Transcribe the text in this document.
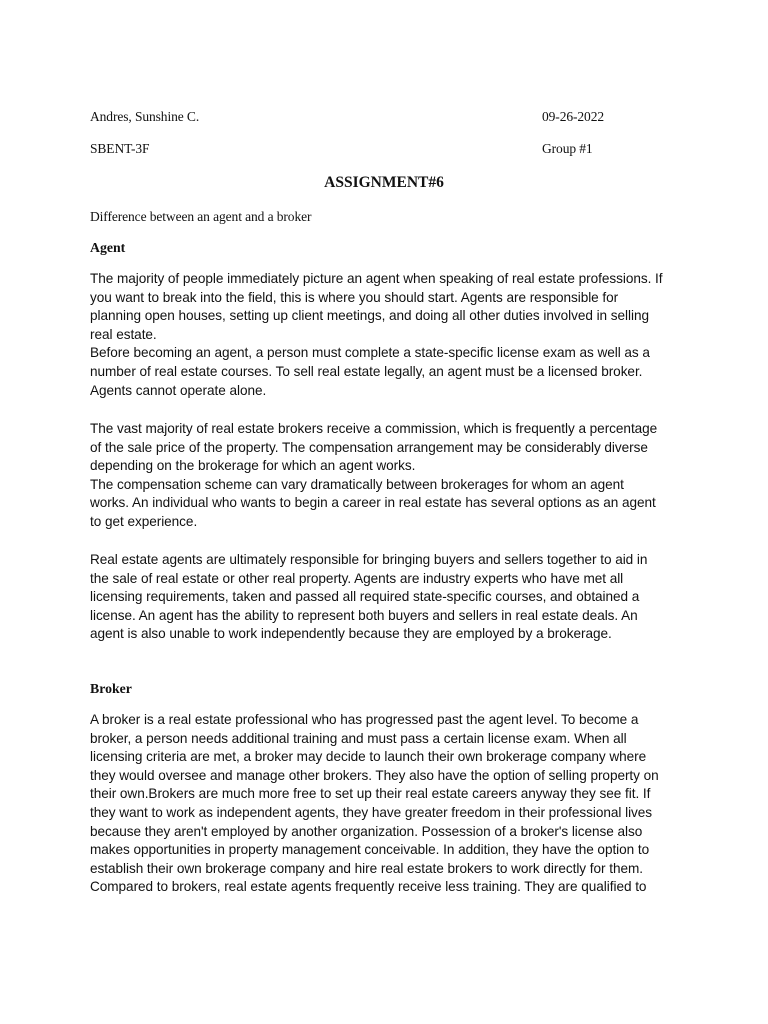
Andres, Sunshine C.	09-26-2022
SBENT-3F	Group #1
ASSIGNMENT#6
Difference between an agent and a broker
Agent
The majority of people immediately picture an agent when speaking of real estate professions. If
you want to break into the field, this is where you should start. Agents are responsible for
planning open houses, setting up client meetings, and doing all other duties involved in selling
real estate.
Before becoming an agent, a person must complete a state-specific license exam as well as a
number of real estate courses. To sell real estate legally, an agent must be a licensed broker.
Agents cannot operate alone.
The vast majority of real estate brokers receive a commission, which is frequently a percentage
of the sale price of the property. The compensation arrangement may be considerably diverse
depending on the brokerage for which an agent works.
The compensation scheme can vary dramatically between brokerages for whom an agent
works. An individual who wants to begin a career in real estate has several options as an agent
to get experience.
Real estate agents are ultimately responsible for bringing buyers and sellers together to aid in
the sale of real estate or other real property. Agents are industry experts who have met all
licensing requirements, taken and passed all required state-specific courses, and obtained a
license. An agent has the ability to represent both buyers and sellers in real estate deals. An
agent is also unable to work independently because they are employed by a brokerage.
Broker
A broker is a real estate professional who has progressed past the agent level. To become a
broker, a person needs additional training and must pass a certain license exam. When all
licensing criteria are met, a broker may decide to launch their own brokerage company where
they would oversee and manage other brokers. They also have the option of selling property on
their own.Brokers are much more free to set up their real estate careers anyway they see fit. If
they want to work as independent agents, they have greater freedom in their professional lives
because they aren't employed by another organization. Possession of a broker's license also
makes opportunities in property management conceivable. In addition, they have the option to
establish their own brokerage company and hire real estate brokers to work directly for them.
Compared to brokers, real estate agents frequently receive less training. They are qualified to
